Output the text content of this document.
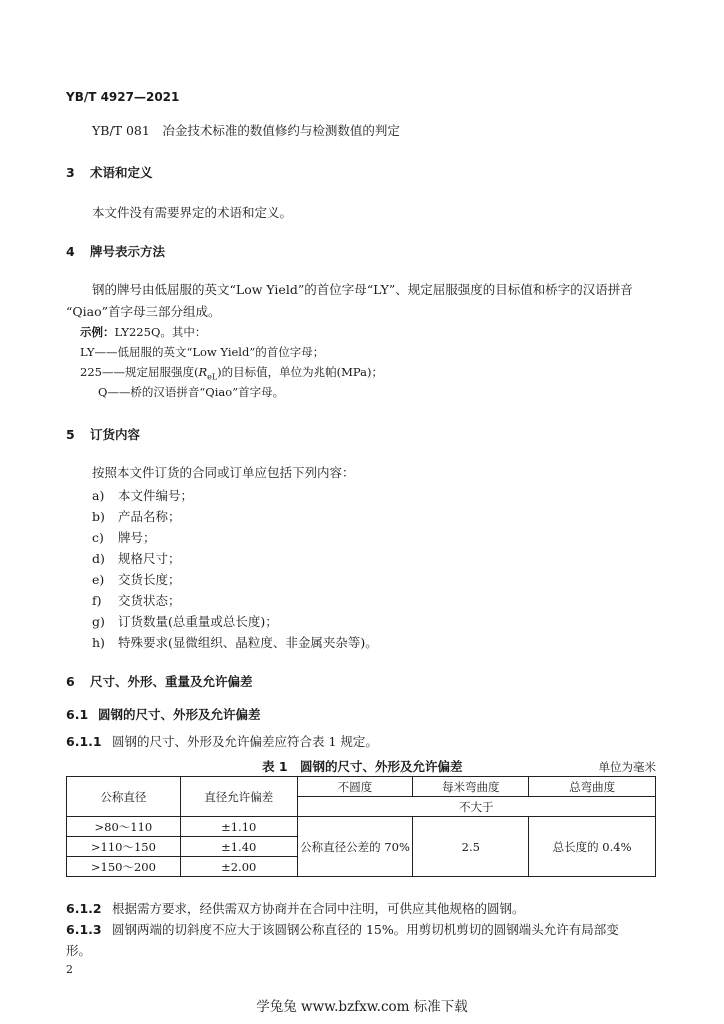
YB/T 4927—2021
YB/T 081　冶金技术标准的数值修约与检测数值的判定
3 术语和定义
本文件没有需要界定的术语和定义。
4 牌号表示方法
钢的牌号由低屈服的英文“Low Yield”的首位字母“LY”、规定屈服强度的目标值和桥字的汉语拼音
“Qiao”首字母三部分组成。
示例：LY225Q。其中：
LY——低屈服的英文“Low Yield”的首位字母；
225——规定屈服强度$(R_{eL})$的目标值，单位为兆帕(MPa)；
Q——桥的汉语拼音“Qiao”首字母。
5 订货内容
按照本文件订货的合同或订单应包括下列内容：
a) 本文件编号；
b) 产品名称；
c) 牌号；
d) 规格尺寸；
e) 交货长度；
f) 交货状态；
g) 订货数量(总重量或总长度)；
h) 特殊要求(显微组织、晶粒度、非金属夹杂等)。
6 尺寸、外形、重量及允许偏差
6.1 圆钢的尺寸、外形及允许偏差
6.1.1 圆钢的尺寸、外形及允许偏差应符合表 1 规定。
表 1　圆钢的尺寸、外形及允许偏差	单位为毫米
公称直径	直径允许偏差	不圆度	每米弯曲度	总弯曲度
		不大于		
>80～110	±1.10	公称直径公差的 70%	2.5	总长度的 0.4%
>110～150	±1.40			
>150～200	±2.00			
6.1.2 根据需方要求，经供需双方协商并在合同中注明，可供应其他规格的圆钢。
6.1.3 圆钢两端的切斜度不应大于该圆钢公称直径的 15%。用剪切机剪切的圆钢端头允许有局部变
形。
2
学兔兔 www.bzfxw.com 标准下载
